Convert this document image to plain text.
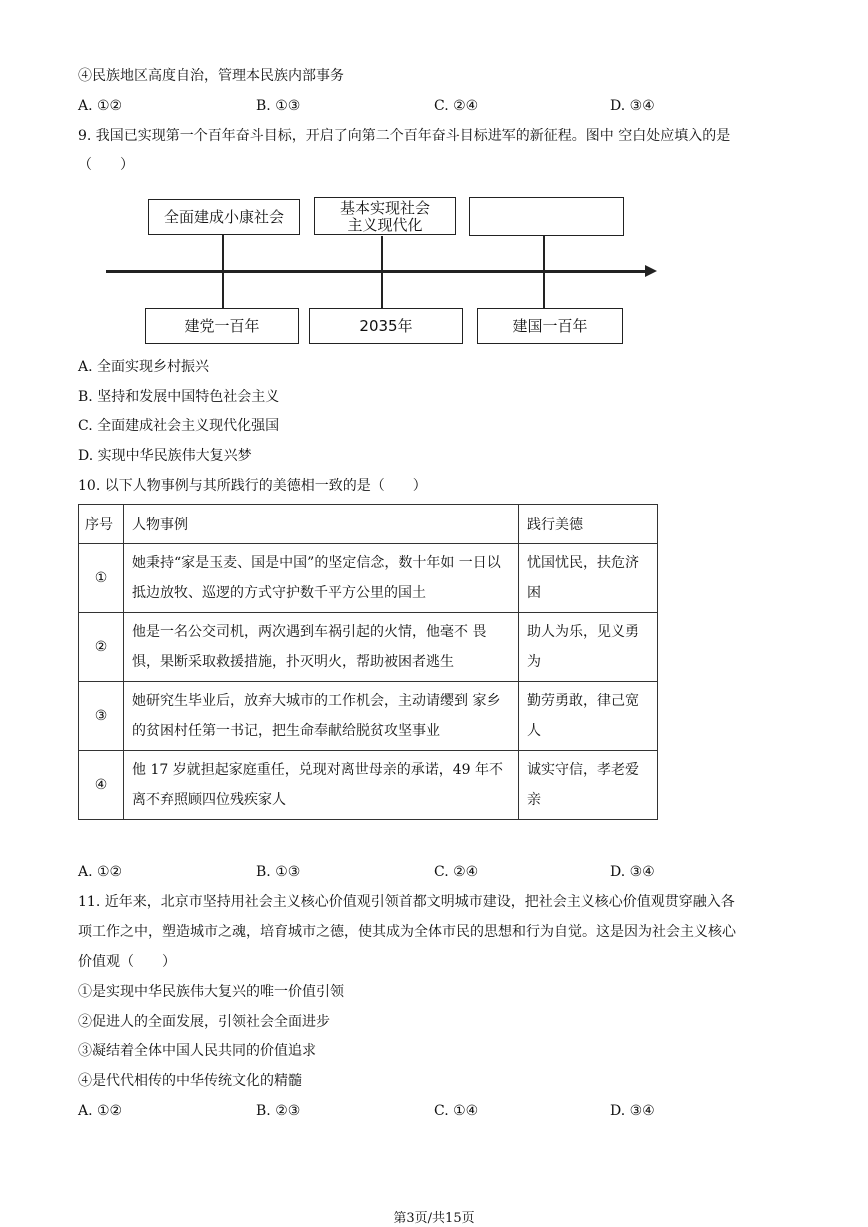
④民族地区高度自治，管理本民族内部事务
A. ①②	B. ①③	C. ②④	D. ③④
9. 我国已实现第一个百年奋斗目标，开启了向第二个百年奋斗目标进军的新征程。图中 空白处应填入的是
（　　）
全面建成小康社会	基本实现社会
主义现代化
建党一百年	2035年	建国一百年
A. 全面实现乡村振兴
B. 坚持和发展中国特色社会主义
C. 全面建成社会主义现代化强国
D. 实现中华民族伟大复兴梦
10. 以下人物事例与其所践行的美德相一致的是（　　）
序号	人物事例	践行美德
①	她秉持“家是玉麦、国是中国”的坚定信念，数十年如 一日以抵边放牧、巡逻的方式守护数千平方公里的国土	忧国忧民，扶危济困
②	他是一名公交司机，两次遇到车祸引起的火情，他毫不 畏惧，果断采取救援措施，扑灭明火，帮助被困者逃生	助人为乐，见义勇为
③	她研究生毕业后，放弃大城市的工作机会，主动请缨到 家乡的贫困村任第一书记，把生命奉献给脱贫攻坚事业	勤劳勇敢，律己宽人
④	他 17 岁就担起家庭重任，兑现对离世母亲的承诺，49 年不离不弃照顾四位残疾家人	诚实守信，孝老爱亲
A. ①②	B. ①③	C. ②④	D. ③④
11. 近年来，北京市坚持用社会主义核心价值观引领首都文明城市建设，把社会主义核心价值观贯穿融入各
项工作之中，塑造城市之魂，培育城市之德，使其成为全体市民的思想和行为自觉。这是因为社会主义核心
价值观（　　）
①是实现中华民族伟大复兴的唯一价值引领
②促进人的全面发展，引领社会全面进步
③凝结着全体中国人民共同的价值追求
④是代代相传的中华传统文化的精髓
A. ①②	B. ②③	C. ①④	D. ③④
第3页/共15页
